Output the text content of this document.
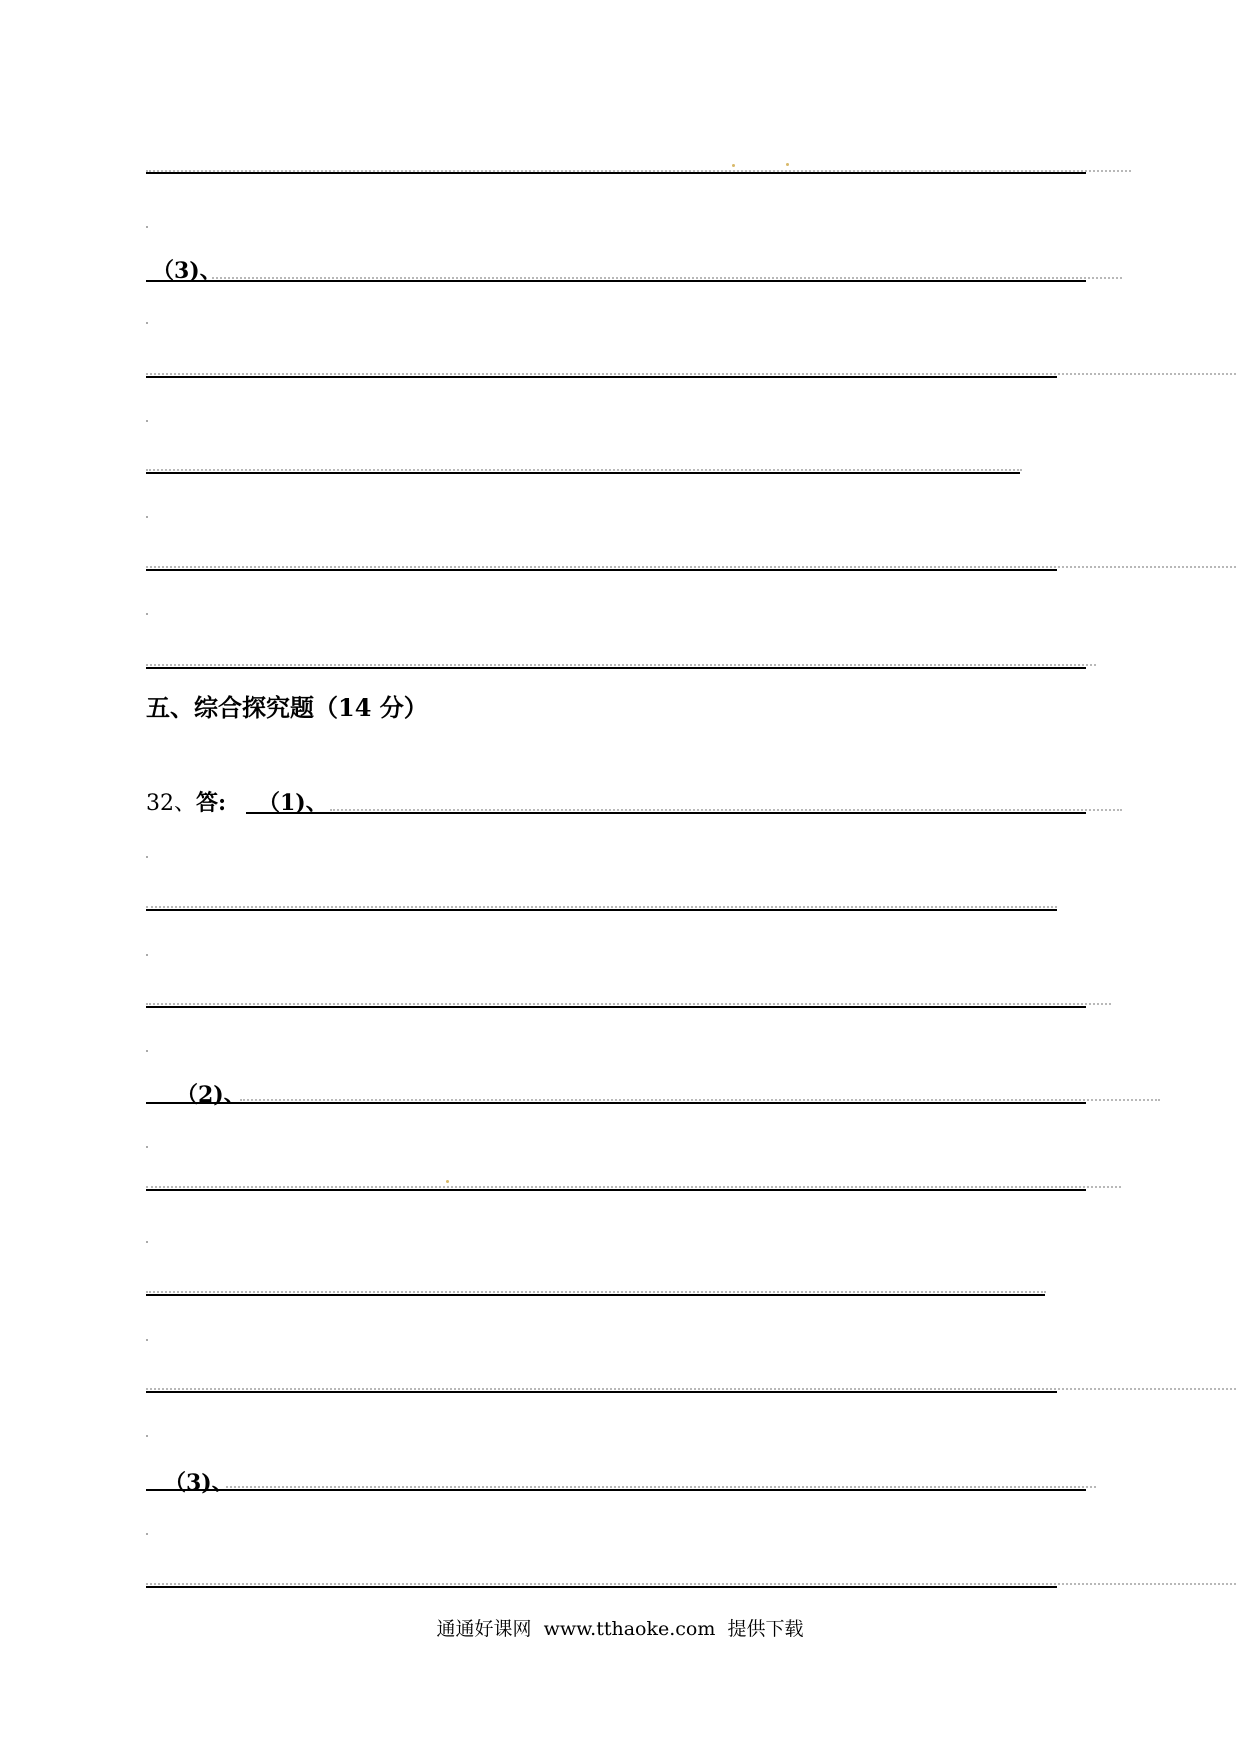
（3)、
五、综合探究题（14 分）
32、答: （1)、
（2)、
（3)、
通通好课网  www.tthaoke.com  提供下载
